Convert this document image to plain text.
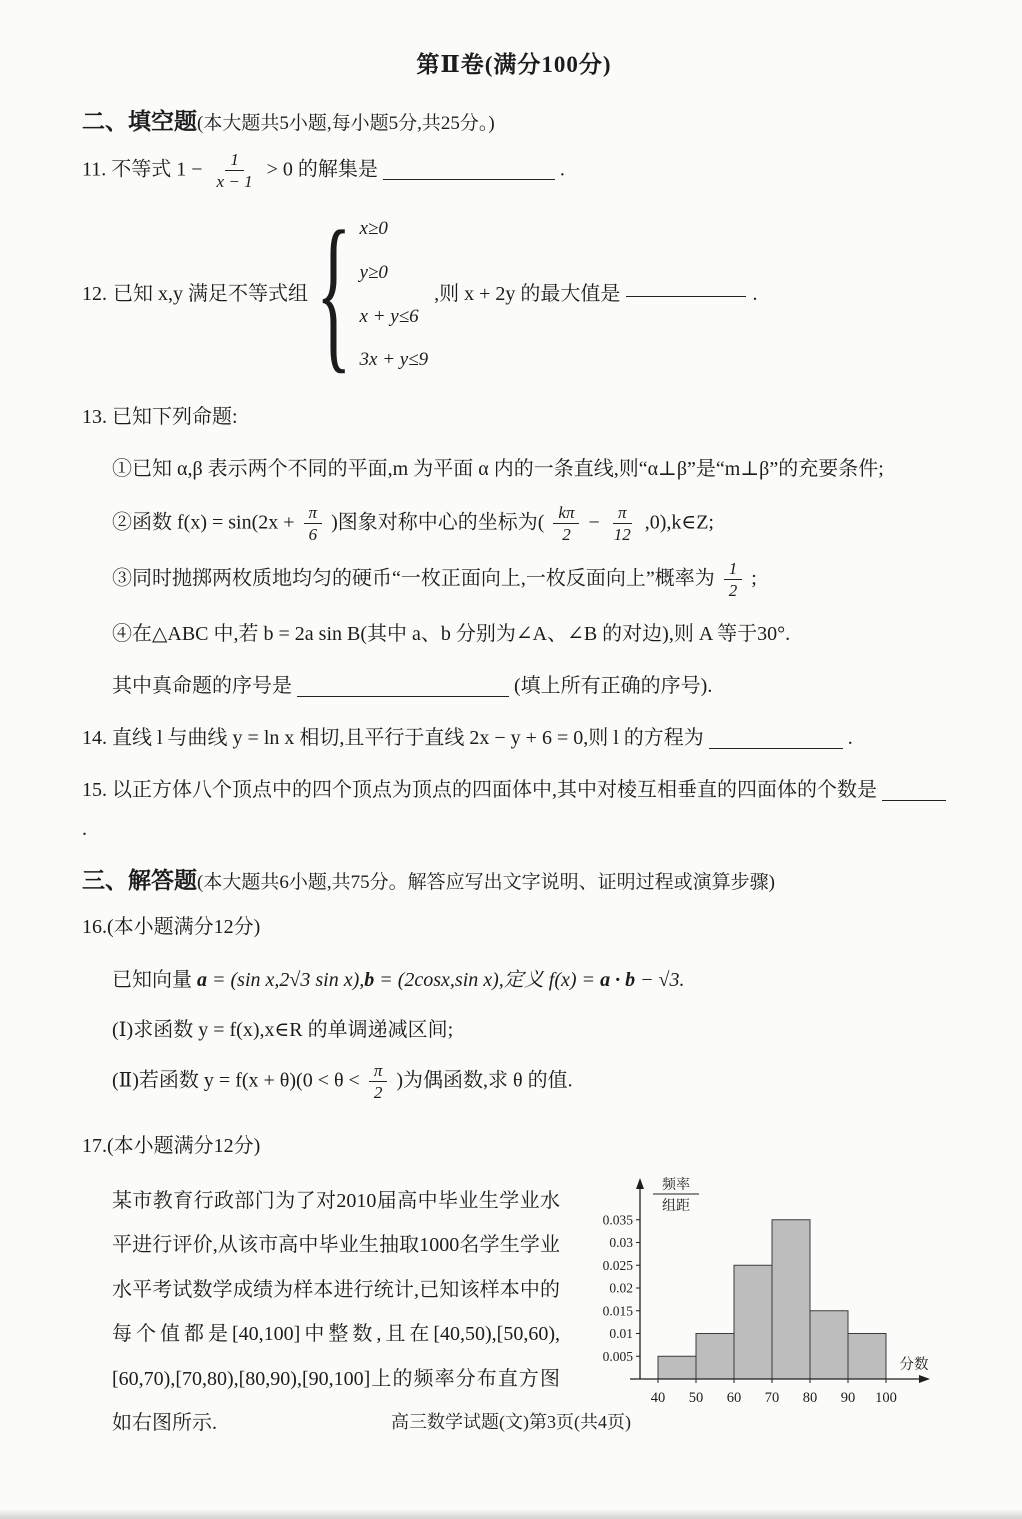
第Ⅱ卷(满分100分)
二、填空题(本大题共5小题,每小题5分,共25分。)
11. 不等式 $1 - \frac{1}{x - 1} > 0$ 的解集是	.
12. 已知 x,y 满足不等式组 { x≥0
y≥0
x + y≤6
3x + y≤9
,则 x + 2y 的最大值是	.
13. 已知下列命题:
①已知 α,β 表示两个不同的平面,m 为平面 α 内的一条直线,则“α⊥β”是“m⊥β”的充要条件;
②函数 $f(x) = \sin(2x + \frac{\pi}{6}$ )图象对称中心的坐标为( $\frac{k\pi}{2} - \frac{\pi}{12}$ ,0),k∈Z;
③同时抛掷两枚质地均匀的硬币“一枚正面向上,一枚反面向上”概率为 $\frac{1}{2}$ ;
④在△ABC 中,若 b = 2a sin B(其中 a、b 分别为∠A、∠B 的对边),则 A 等于30°.
其中真命题的序号是	(填上所有正确的序号).
14. 直线 l 与曲线 y = ln x 相切,且平行于直线 2x − y + 6 = 0,则 l 的方程为	.
15. 以正方体八个顶点中的四个顶点为顶点的四面体中,其中对棱互相垂直的四面体的个数是  .
三、解答题(本大题共6小题,共75分。解答应写出文字说明、证明过程或演算步骤)
16.(本小题满分12分)
已知向量 a = (sin x,2√3 sin x),b = (2cosx,sin x),定义 f(x) = a · b − √3.
(Ⅰ)求函数 y = f(x),x∈R 的单调递减区间;
(Ⅱ)若函数 $y = f(x + \theta)(0 < \theta < \frac{\pi}{2}$ )为偶函数,求 θ 的值.
17.(本小题满分12分)
某市教育行政部门为了对2010届高中毕业生学业水平进行评价,从该市高中毕业生抽取1000名学生学业水平考试数学成绩为样本进行统计,已知该样本中的每个值都是[40,100]中整数,且在[40,50),[50,60),[60,70),[70,80),[80,90),[90,100]上的频率分布直方图如右图所示.
0.005
0.01
0.015
0.02
0.025
0.03
0.035
40 50 60 70 80 90 100
频率
组距
分数
高三数学试题(文)第3页(共4页)
